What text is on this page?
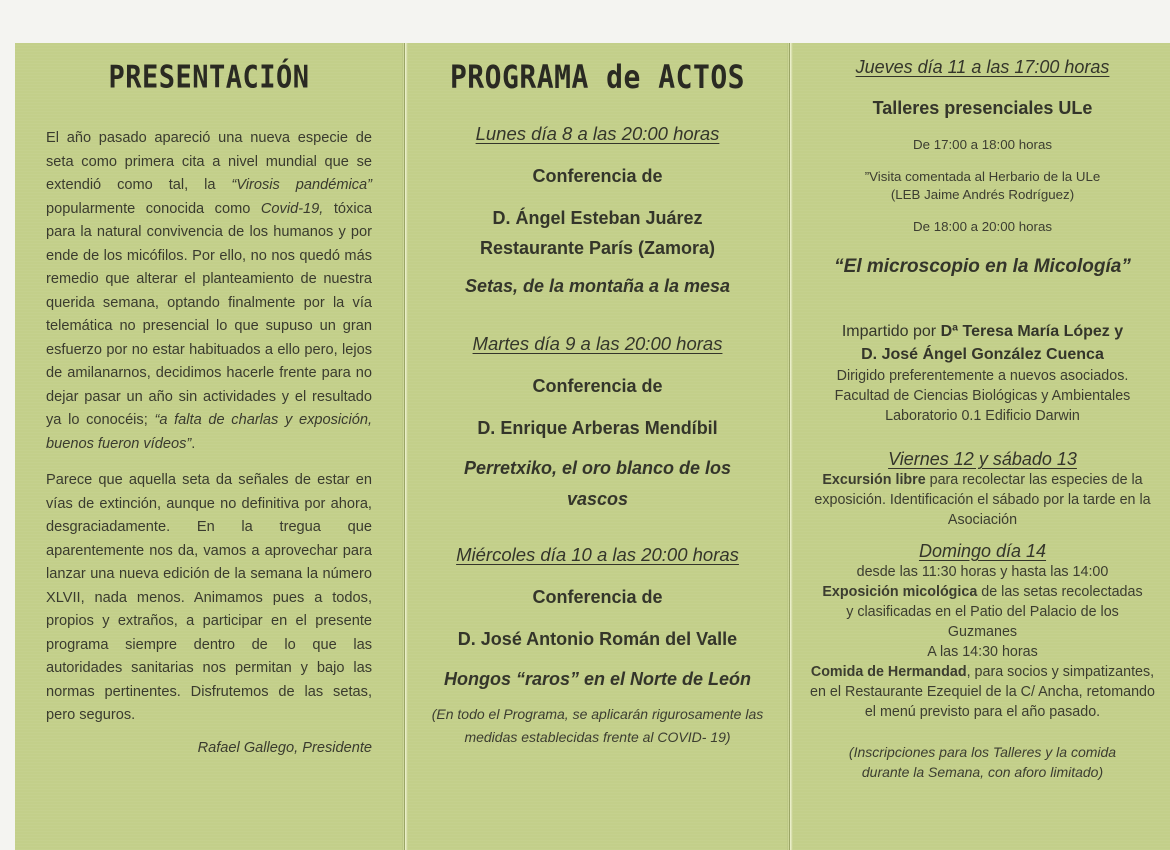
PRESENTACIÓN
El año pasado apareció una nueva especie de seta como primera cita a nivel mundial que se extendió como tal, la “Virosis pandémica” popularmente conocida como Covid-19, tóxica para la natural convivencia de los humanos y por ende de los micófilos. Por ello, no nos quedó más remedio que alterar el planteamiento de nuestra querida semana, optando finalmente por la vía telemática no presencial lo que supuso un gran esfuerzo por no estar habituados a ello pero, lejos de amilanarnos, decidimos hacerle frente para no dejar pasar un año sin actividades y el resultado ya lo conocéis; “a falta de charlas y exposición, buenos fueron vídeos”.
Parece que aquella seta da señales de estar en vías de extinción, aunque no definitiva por ahora, desgraciadamente. En la tregua que aparentemente nos da, vamos a aprovechar para lanzar una nueva edición de la semana la número XLVII, nada menos. Animamos pues a todos, propios y extraños, a participar en el presente programa siempre dentro de lo que las autoridades sanitarias nos permitan y bajo las normas pertinentes. Disfrutemos de las setas, pero seguros.
Rafael Gallego, Presidente
PROGRAMA de ACTOS
Lunes día 8 a las 20:00 horas
Conferencia de
D. Ángel Esteban Juárez
Restaurante París (Zamora)
Setas, de la montaña a la mesa
Martes día 9 a las 20:00 horas
Conferencia de
D. Enrique Arberas Mendíbil
Perretxiko, el oro blanco de los vascos
Miércoles día 10 a las 20:00 horas
Conferencia de
D. José Antonio Román del Valle
Hongos “raros” en el Norte de León
(En todo el Programa, se aplicarán rigurosamente las medidas establecidas frente al COVID- 19)
Jueves día 11 a las 17:00 horas
Talleres presenciales ULe
De 17:00 a 18:00 horas
”Visita comentada al Herbario de la ULe
(LEB Jaime Andrés Rodríguez)
De 18:00 a 20:00 horas
“El microscopio en la Micología”
Impartido por Dª Teresa María López y
D. José Ángel González Cuenca
Dirigido preferentemente a nuevos asociados.
Facultad de Ciencias Biológicas y Ambientales
Laboratorio 0.1 Edificio Darwin
Viernes 12 y sábado 13
Excursión libre para recolectar las especies de la exposición. Identificación el sábado por la tarde en la Asociación
Domingo día 14
desde las 11:30 horas y hasta las 14:00
Exposición micológica de las setas recolectadas y clasificadas en el Patio del Palacio de los Guzmanes
A las 14:30 horas
Comida de Hermandad, para socios y simpatizantes, en el Restaurante Ezequiel de la C/ Ancha, retomando el menú previsto para el año pasado.
(Inscripciones para los Talleres y la comida durante la Semana, con aforo limitado)
